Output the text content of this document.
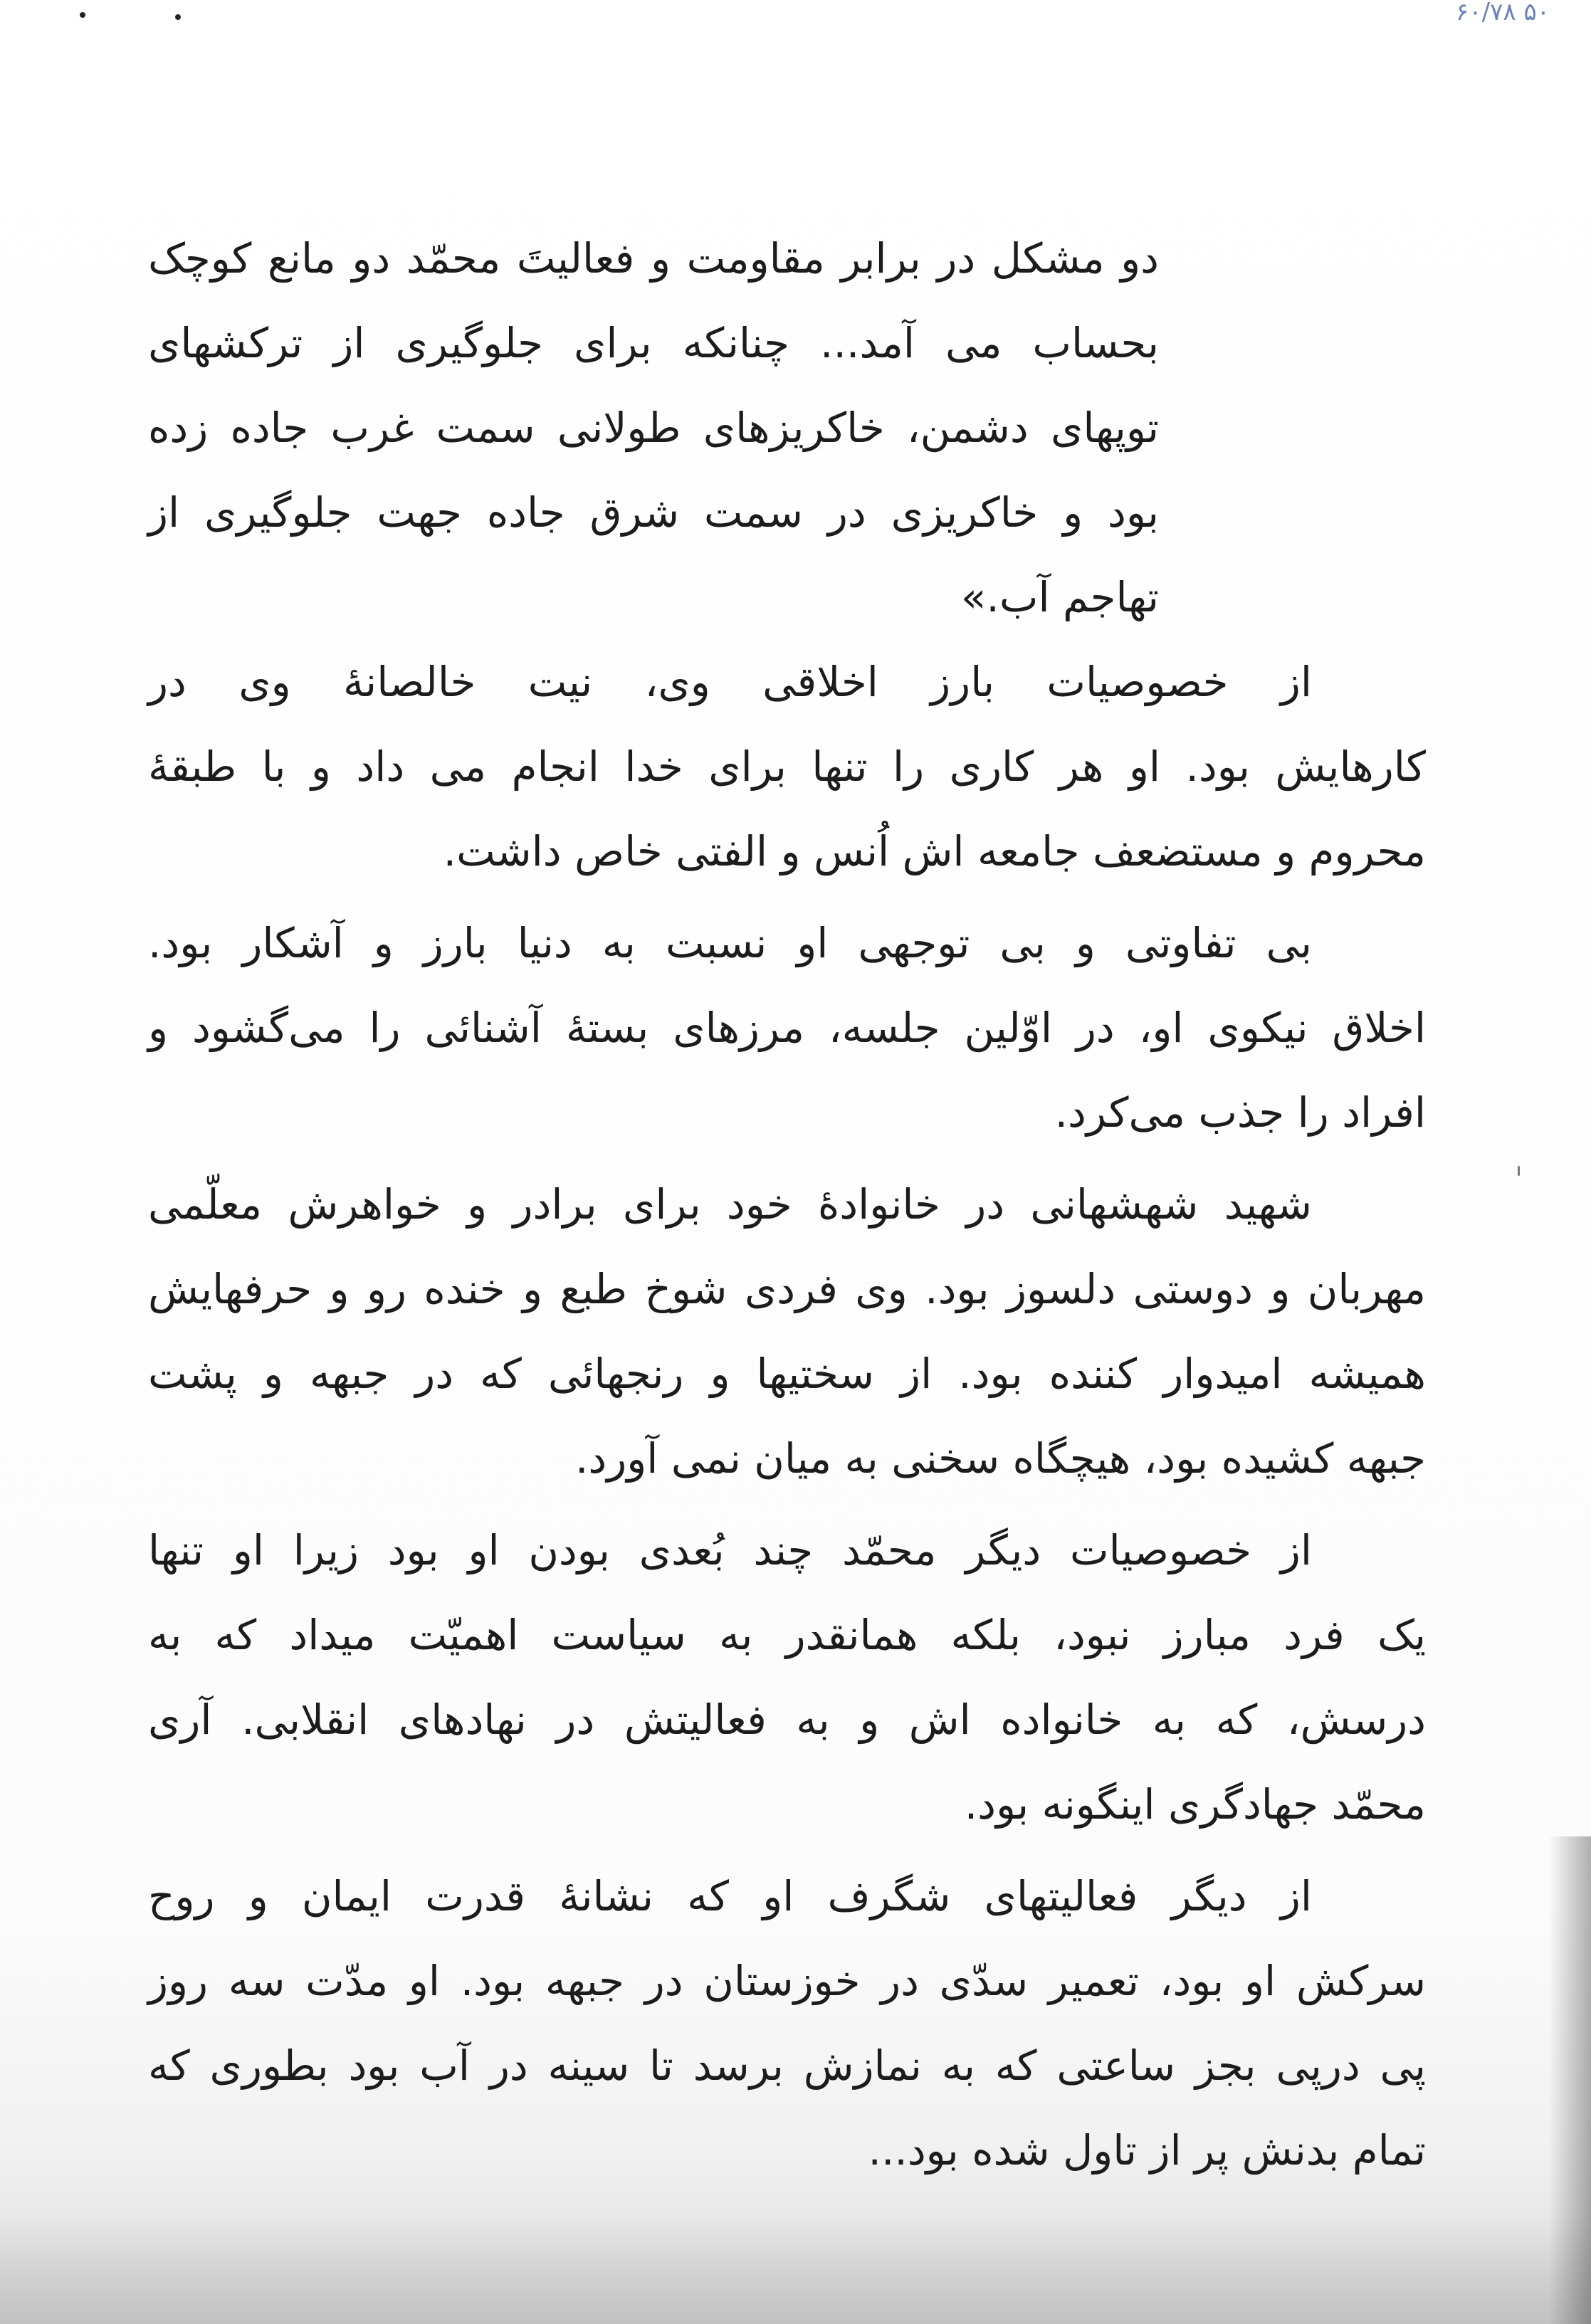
۶۰/۷۸ ۵۰
دو مشکل در برابر مقاومت و فعالیتَ محمّد دو مانع کوچک
بحساب می آمد... چنانکه برای جلوگیری از ترکشهای
توپهای دشمن، خاکریزهای طولانی سمت غرب جاده زده
بود و خاکریزی در سمت شرق جاده جهت جلوگیری از
تهاجم آب.»
از خصوصیات بارز اخلاقی وی، نیت خالصانهٔ وی در
کارهایش بود. او هر کاری را تنها برای خدا انجام می داد و با طبقهٔ
محروم و مستضعف جامعه اش اُنس و الفتی خاص داشت.
بی تفاوتی و بی توجهی او نسبت به دنیا بارز و آشکار بود.
اخلاق نیکوی او، در اوّلین جلسه، مرزهای بستهٔ آشنائی را می‌گشود و
افراد را جذب می‌کرد.
شهید شهشهانی در خانوادهٔ خود برای برادر و خواهرش معلّمی
مهربان و دوستی دلسوز بود. وی فردی شوخ طبع و خنده رو و حرفهایش
همیشه امیدوار کننده بود. از سختیها و رنجهائی که در جبهه و پشت
جبهه کشیده بود، هیچگاه سخنی به میان نمی آورد.
از خصوصیات دیگر محمّد چند بُعدی بودن او بود زیرا او تنها
یک فرد مبارز نبود، بلکه همانقدر به سیاست اهمیّت میداد که به
درسش، که به خانواده اش و به فعالیتش در نهادهای انقلابی. آری
محمّد جهادگری اینگونه بود.
از دیگر فعالیتهای شگرف او که نشانهٔ قدرت ایمان و روح
سرکش او بود، تعمیر سدّی در خوزستان در جبهه بود. او مدّت سه روز
پی درپی بجز ساعتی که به نمازش برسد تا سینه در آب بود بطوری که
تمام بدنش پر از تاول شده بود...
